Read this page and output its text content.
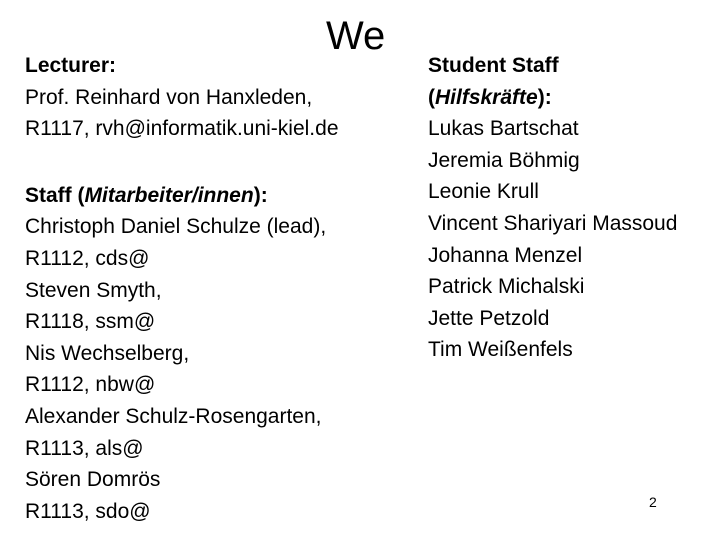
We
Lecturer:
Prof. Reinhard von Hanxleden,
R1117, rvh@informatik.uni-kiel.de
Staff (Mitarbeiter/innen):
Christoph Daniel Schulze (lead),
R1112, cds@
Steven Smyth,
R1118, ssm@
Nis Wechselberg,
R1112, nbw@
Alexander Schulz-Rosengarten,
R1113, als@
Sören Domrös
R1113, sdo@
Student Staff
(Hilfskräfte):
Lukas Bartschat
Jeremia Böhmig
Leonie Krull
Vincent Shariyari Massoud
Johanna Menzel
Patrick Michalski
Jette Petzold
Tim Weißenfels
2
